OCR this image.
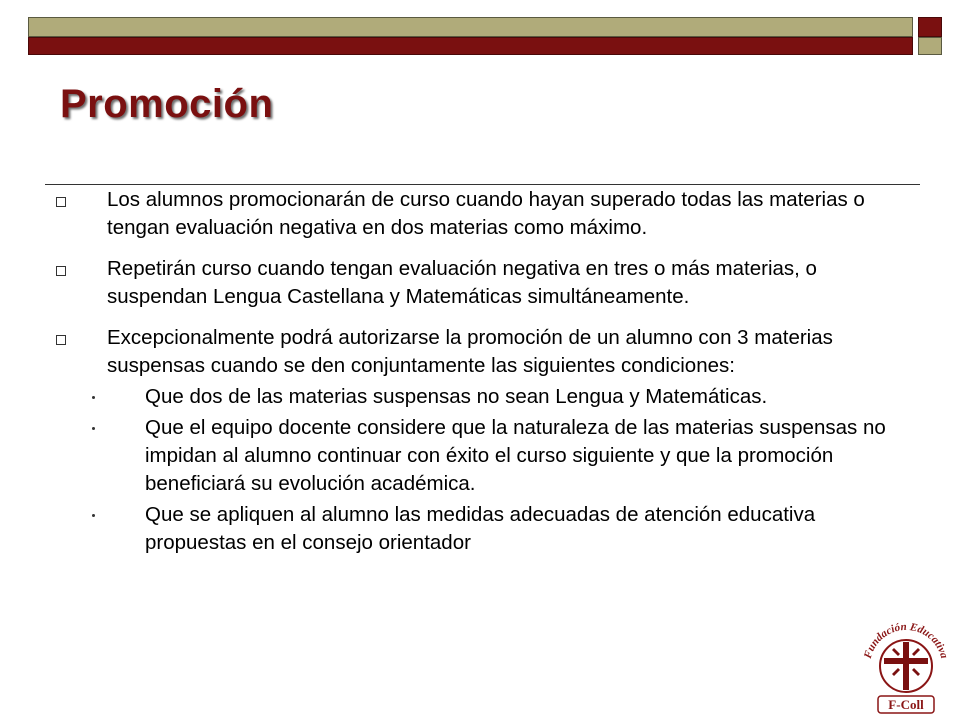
Promoción
Los alumnos promocionarán de curso cuando hayan superado todas las materias o tengan evaluación negativa en dos materias como máximo.
Repetirán curso cuando tengan evaluación negativa en tres o más materias, o suspendan Lengua Castellana y Matemáticas simultáneamente.
Excepcionalmente podrá autorizarse la promoción de un alumno con 3 materias suspensas cuando se den conjuntamente las siguientes condiciones:
Que dos de las materias suspensas no sean Lengua y Matemáticas.
Que el equipo docente considere que la naturaleza de las materias suspensas no impidan al alumno continuar con éxito el curso siguiente y que la promoción beneficiará su evolución académica.
Que se apliquen al alumno las medidas adecuadas de atención educativa propuestas en el consejo orientador
Fundación Educativa
F-Coll
